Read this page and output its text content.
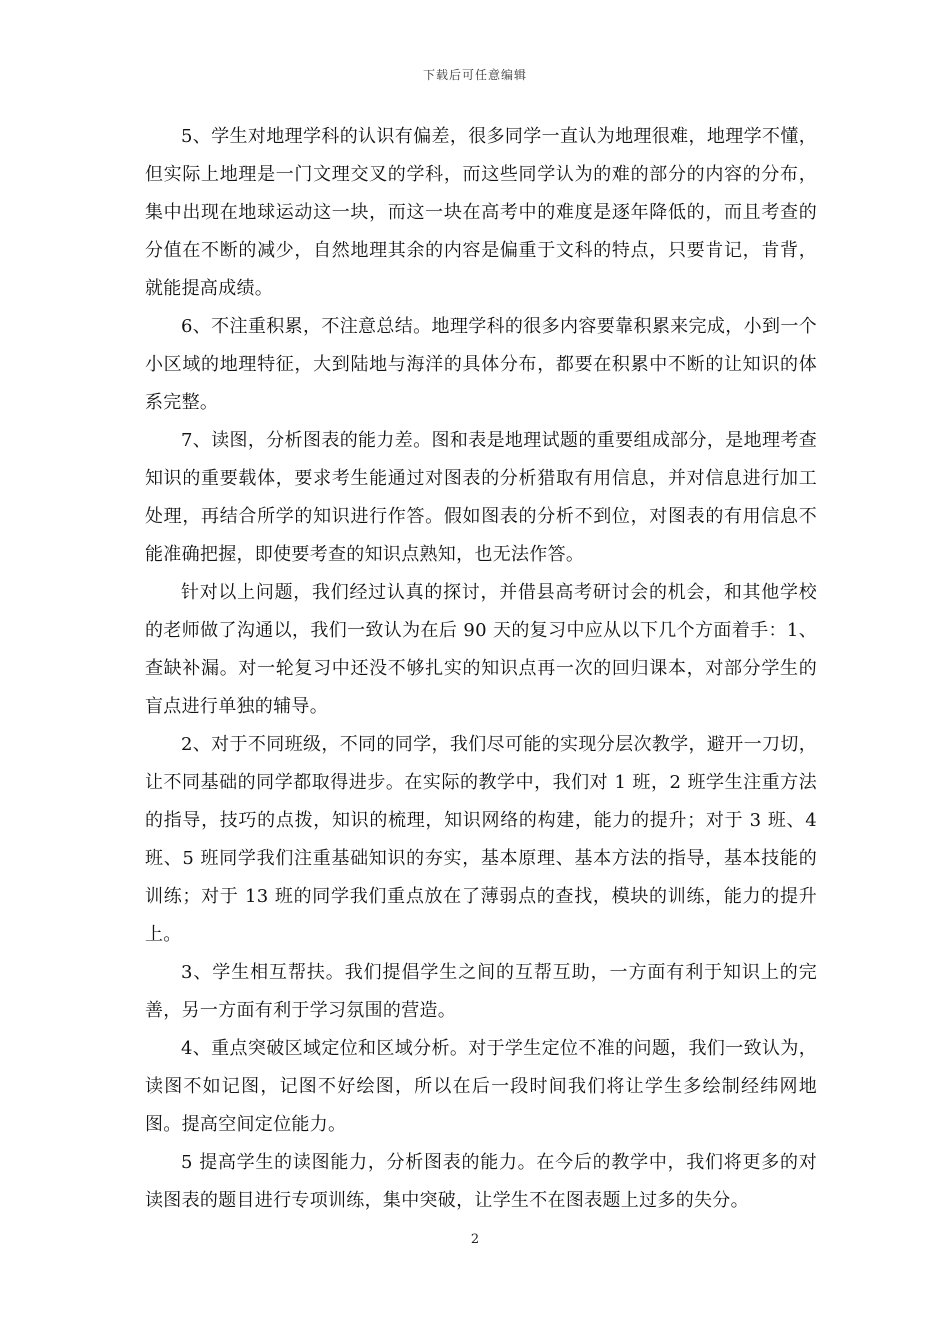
下载后可任意编辑

5、学生对地理学科的认识有偏差，很多同学一直认为地理很难，地理学不懂，但实际上地理是一门文理交叉的学科，而这些同学认为的难的部分的内容的分布，集中出现在地球运动这一块，而这一块在高考中的难度是逐年降低的，而且考查的分值在不断的减少，自然地理其余的内容是偏重于文科的特点，只要肯记，肯背，就能提高成绩。

6、不注重积累，不注意总结。地理学科的很多内容要靠积累来完成，小到一个小区域的地理特征，大到陆地与海洋的具体分布，都要在积累中不断的让知识的体系完整。

7、读图，分析图表的能力差。图和表是地理试题的重要组成部分，是地理考查知识的重要载体，要求考生能通过对图表的分析猎取有用信息，并对信息进行加工处理，再结合所学的知识进行作答。假如图表的分析不到位，对图表的有用信息不能准确把握，即使要考查的知识点熟知，也无法作答。

针对以上问题，我们经过认真的探讨，并借县高考研讨会的机会，和其他学校的老师做了沟通以，我们一致认为在后 90 天的复习中应从以下几个方面着手：1、查缺补漏。对一轮复习中还没不够扎实的知识点再一次的回归课本，对部分学生的盲点进行单独的辅导。

2、对于不同班级，不同的同学，我们尽可能的实现分层次教学，避开一刀切，让不同基础的同学都取得进步。在实际的教学中，我们对 1 班，2 班学生注重方法的指导，技巧的点拨，知识的梳理，知识网络的构建，能力的提升；对于 3 班、4 班、5 班同学我们注重基础知识的夯实，基本原理、基本方法的指导，基本技能的训练；对于 13 班的同学我们重点放在了薄弱点的查找，模块的训练，能力的提升上。

3、学生相互帮扶。我们提倡学生之间的互帮互助，一方面有利于知识上的完善，另一方面有利于学习氛围的营造。

4、重点突破区域定位和区域分析。对于学生定位不准的问题，我们一致认为，读图不如记图，记图不好绘图，所以在后一段时间我们将让学生多绘制经纬网地图。提高空间定位能力。

5 提高学生的读图能力，分析图表的能力。在今后的教学中，我们将更多的对读图表的题目进行专项训练，集中突破，让学生不在图表题上过多的失分。

2
